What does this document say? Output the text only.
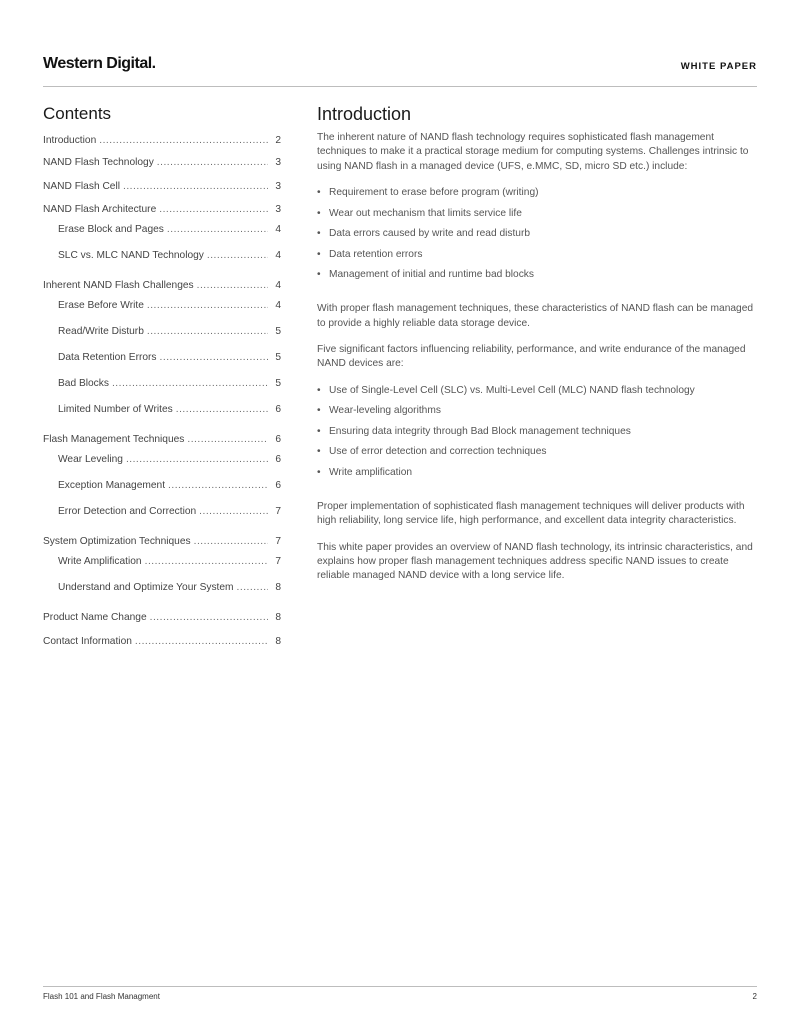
Western Digital.	WHITE PAPER
Contents
Introduction .....	2
NAND Flash Technology .....	3
NAND Flash Cell .....	3
NAND Flash Architecture .....	3
Erase Block and Pages .....	4
SLC vs. MLC NAND Technology .....	4
Inherent NAND Flash Challenges .....	4
Erase Before Write .....	4
Read/Write Disturb .....	5
Data Retention Errors .....	5
Bad Blocks .....	5
Limited Number of Writes .....	6
Flash Management Techniques .....	6
Wear Leveling .....	6
Exception Management .....	6
Error Detection and Correction .....	7
System Optimization Techniques .....	7
Write Amplification .....	7
Understand and Optimize Your System .....	8
Product Name Change .....	8
Contact Information .....	8
Introduction

The inherent nature of NAND flash technology requires sophisticated flash management techniques to make it a practical storage medium for computing systems. Challenges intrinsic to using NAND flash in a managed device (UFS, e.MMC, SD, micro SD etc.) include:

• Requirement to erase before program (writing)
• Wear out mechanism that limits service life
• Data errors caused by write and read disturb
• Data retention errors
• Management of initial and runtime bad blocks

With proper flash management techniques, these characteristics of NAND flash can be managed to provide a highly reliable data storage device.

Five significant factors influencing reliability, performance, and write endurance of the managed NAND devices are:

• Use of Single-Level Cell (SLC) vs. Multi-Level Cell (MLC) NAND flash technology
• Wear-leveling algorithms
• Ensuring data integrity through Bad Block management techniques
• Use of error detection and correction techniques
• Write amplification

Proper implementation of sophisticated flash management techniques will deliver products with high reliability, long service life, high performance, and excellent data integrity characteristics.

This white paper provides an overview of NAND flash technology, its intrinsic characteristics, and explains how proper flash management techniques address specific NAND issues to create reliable managed NAND device with a long service life.

Flash 101 and Flash Managment	2
